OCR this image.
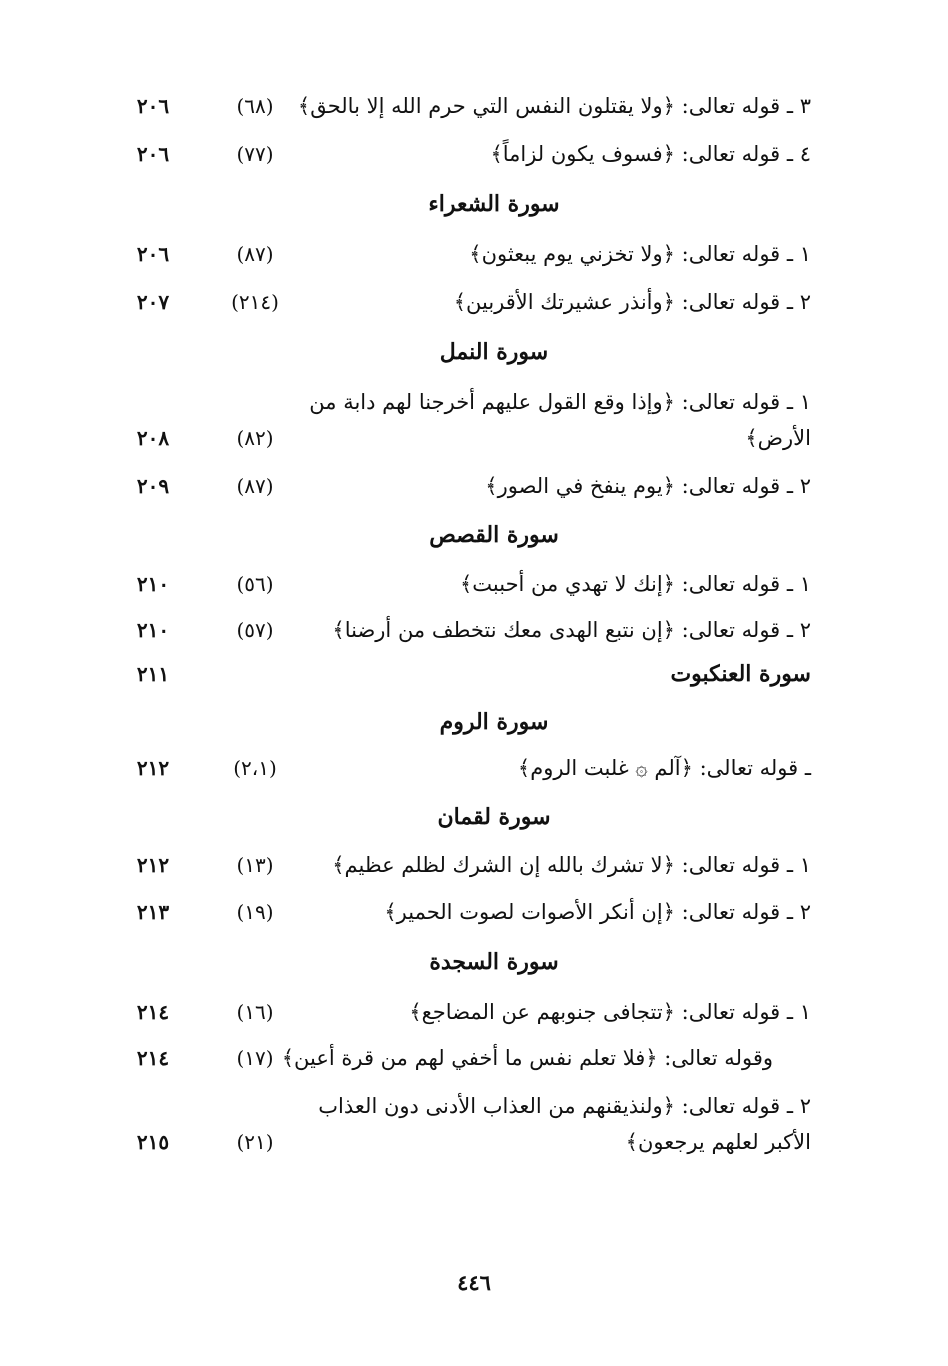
٣ ـ قوله تعالى: ﴿ولا يقتلون النفس التي حرم الله إلا بالحق﴾
(٦٨)
٢٠٦
٤ ـ قوله تعالى: ﴿فسوف يكون لزاماً﴾
(٧٧)
٢٠٦
سورة الشعراء
١ ـ قوله تعالى: ﴿ولا تخزني يوم يبعثون﴾
(٨٧)
٢٠٦
٢ ـ قوله تعالى: ﴿وأنذر عشيرتك الأقربين﴾
(٢١٤)
٢٠٧
سورة النمل
١ ـ قوله تعالى: ﴿وإذا وقع القول عليهم أخرجنا لهم دابة من
الأرض﴾
(٨٢)
٢٠٨
٢ ـ قوله تعالى: ﴿يوم ينفخ في الصور﴾
(٨٧)
٢٠٩
سورة القصص
١ ـ قوله تعالى: ﴿إنك لا تهدي من أحببت﴾
(٥٦)
٢١٠
٢ ـ قوله تعالى: ﴿إن نتبع الهدى معك نتخطف من أرضنا﴾
(٥٧)
٢١٠
سورة العنكبوت
٢١١
سورة الروم
ـ قوله تعالى: ﴿آلم ۞ غلبت الروم﴾
(٢،١)
٢١٢
سورة لقمان
١ ـ قوله تعالى: ﴿لا تشرك بالله إن الشرك لظلم عظيم﴾
(١٣)
٢١٢
٢ ـ قوله تعالى: ﴿إن أنكر الأصوات لصوت الحمير﴾
(١٩)
٢١٣
سورة السجدة
١ ـ قوله تعالى: ﴿تتجافى جنوبهم عن المضاجع﴾
(١٦)
٢١٤
وقوله تعالى: ﴿فلا تعلم نفس ما أخفي لهم من قرة أعين﴾
(١٧)
٢١٤
٢ ـ قوله تعالى: ﴿ولنذيقنهم من العذاب الأدنى دون العذاب
الأكبر لعلهم يرجعون﴾
(٢١)
٢١٥
٤٤٦
